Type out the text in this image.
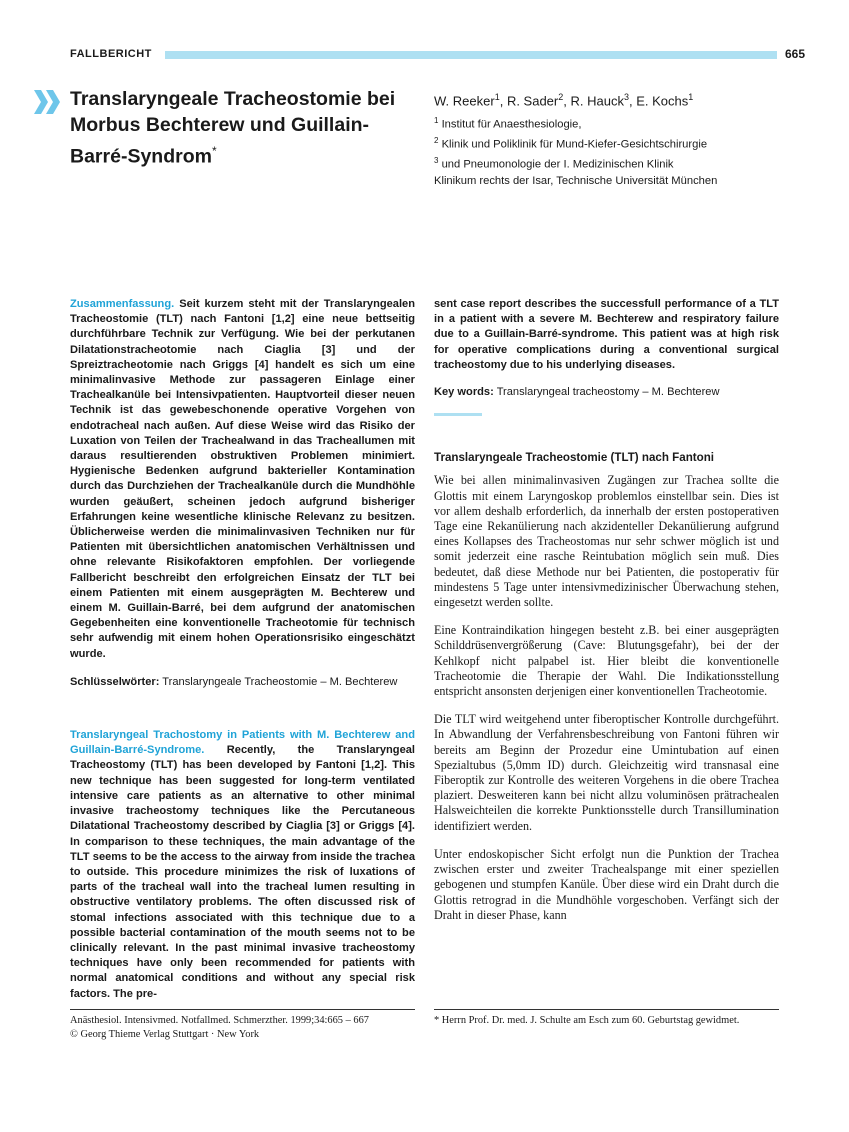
FALLBERICHT	665
Translaryngeale Tracheostomie bei Morbus Bechterew und Guillain-Barré-Syndrom*
W. Reeker$^1$, R. Sader$^2$, R. Hauck$^3$, E. Kochs$^1$
$^1$ Institut für Anaesthesiologie,
$^2$ Klinik und Poliklinik für Mund-Kiefer-Gesichtschirurgie
$^3$ und Pneumonologie der I. Medizinischen Klinik
Klinikum rechts der Isar, Technische Universität München

Zusammenfassung. Seit kurzem steht mit der Translaryngealen Tracheostomie (TLT) nach Fantoni [1,2] eine neue bettseitig durchführbare Technik zur Verfügung. Wie bei der perkutanen Dilatationstracheotomie nach Ciaglia [3] und der Spreiztracheotomie nach Griggs [4] handelt es sich um eine minimalinvasive Methode zur passageren Einlage einer Trachealkanüle bei Intensivpatienten. Hauptvorteil dieser neuen Technik ist das gewebeschonende operative Vorgehen von endotracheal nach außen. Auf diese Weise wird das Risiko der Luxation von Teilen der Trachealwand in das Tracheallumen mit daraus resultierenden obstruktiven Problemen minimiert. Hygienische Bedenken aufgrund bakterieller Kontamination durch das Durchziehen der Trachealkanüle durch die Mundhöhle wurden geäußert, scheinen jedoch aufgrund bisheriger Erfahrungen keine wesentliche klinische Relevanz zu besitzen. Üblicherweise werden die minimalinvasiven Techniken nur für Patienten mit übersichtlichen anatomischen Verhältnissen und ohne relevante Risikofaktoren empfohlen. Der vorliegende Fallbericht beschreibt den erfolgreichen Einsatz der TLT bei einem Patienten mit einem ausgeprägten M. Bechterew und einem M. Guillain-Barré, bei dem aufgrund der anatomischen Gegebenheiten eine konventionelle Tracheotomie für technisch sehr aufwendig mit einem hohen Operationsrisiko eingeschätzt wurde.

Schlüsselwörter: Translaryngeale Tracheostomie – M. Bechterew

Translaryngeal Trachostomy in Patients with M. Bechterew and Guillain-Barré-Syndrome. Recently, the Translaryngeal Tracheostomy (TLT) has been developed by Fantoni [1,2]. This new technique has been suggested for long-term ventilated intensive care patients as an alternative to other minimal invasive tracheostomy techniques like the Percutaneous Dilatational Tracheostomy described by Ciaglia [3] or Griggs [4]. In comparison to these techniques, the main advantage of the TLT seems to be the access to the airway from inside the trachea to outside. This procedure minimizes the risk of luxations of parts of the tracheal wall into the tracheal lumen resulting in obstructive ventilatory problems. The often discussed risk of stomal infections associated with this technique due to a possible bacterial contamination of the mouth seems not to be clinically relevant. In the past minimal invasive tracheostomy techniques have only been recommended for patients with normal anatomical conditions and without any special risk factors. The pre-

sent case report describes the successfull performance of a TLT in a patient with a severe M. Bechterew and respiratory failure due to a Guillain-Barré-syndrome. This patient was at high risk for operative complications during a conventional surgical tracheostomy due to his underlying diseases.

Key words: Translaryngeal tracheostomy – M. Bechterew

Translaryngeale Tracheostomie (TLT) nach Fantoni

Wie bei allen minimalinvasiven Zugängen zur Trachea sollte die Glottis mit einem Laryngoskop problemlos einstellbar sein. Dies ist vor allem deshalb erforderlich, da innerhalb der ersten postoperativen Tage eine Rekanülierung nach akzidenteller Dekanülierung aufgrund eines Kollapses des Tracheostomas nur sehr schwer möglich ist und somit jederzeit eine rasche Reintubation möglich sein muß. Dies bedeutet, daß diese Methode nur bei Patienten, die postoperativ für mindestens 5 Tage unter intensivmedizinischer Überwachung stehen, eingesetzt werden sollte.

Eine Kontraindikation hingegen besteht z.B. bei einer ausgeprägten Schilddrüsenvergrößerung (Cave: Blutungsgefahr), bei der der Kehlkopf nicht palpabel ist. Hier bleibt die konventionelle Tracheotomie die Therapie der Wahl. Die Indikationsstellung entspricht ansonsten derjenigen einer konventionellen Tracheotomie.

Die TLT wird weitgehend unter fiberoptischer Kontrolle durchgeführt. In Abwandlung der Verfahrensbeschreibung von Fantoni führen wir bereits am Beginn der Prozedur eine Umintubation auf einen Spezialtubus (5,0mm ID) durch. Gleichzeitig wird transnasal eine Fiberoptik zur Kontrolle des weiteren Vorgehens in die obere Trachea plaziert. Desweiteren kann bei nicht allzu voluminösen prätrachealen Halsweichteilen die korrekte Punktionsstelle durch Transillumination identifiziert werden.

Unter endoskopischer Sicht erfolgt nun die Punktion der Trachea zwischen erster und zweiter Trachealspange mit einer speziellen gebogenen und stumpfen Kanüle. Über diese wird ein Draht durch die Glottis retrograd in die Mundhöhle vorgeschoben. Verfängt sich der Draht in dieser Phase, kann

Anästhesiol. Intensivmed. Notfallmed. Schmerzther. 1999;34:665 – 667
© Georg Thieme Verlag Stuttgart · New York
* Herrn Prof. Dr. med. J. Schulte am Esch zum 60. Geburtstag gewidmet.
